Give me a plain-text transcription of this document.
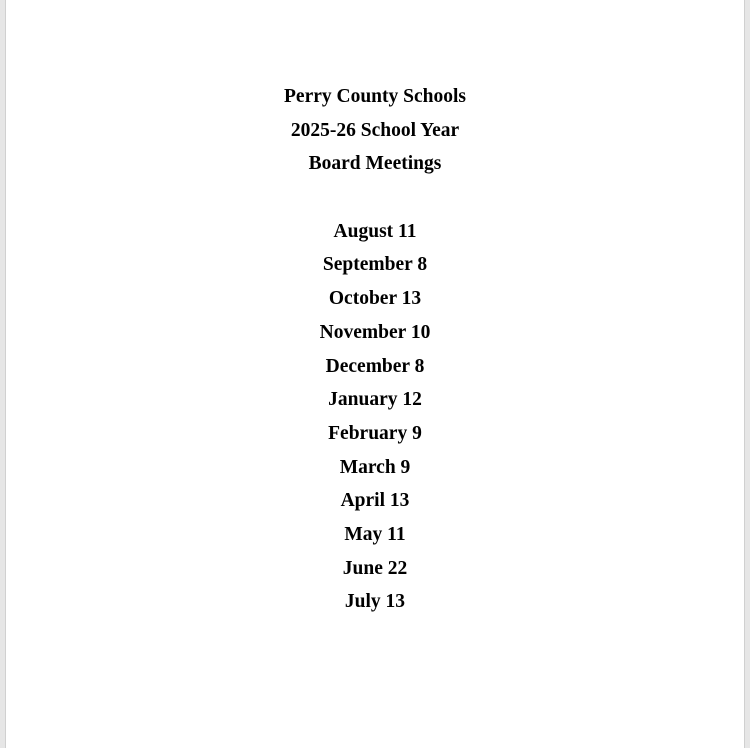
Perry County Schools
2025-26 School Year
Board Meetings
August 11
September 8
October 13
November 10
December 8
January 12
February 9
March 9
April 13
May 11
June 22
July 13
